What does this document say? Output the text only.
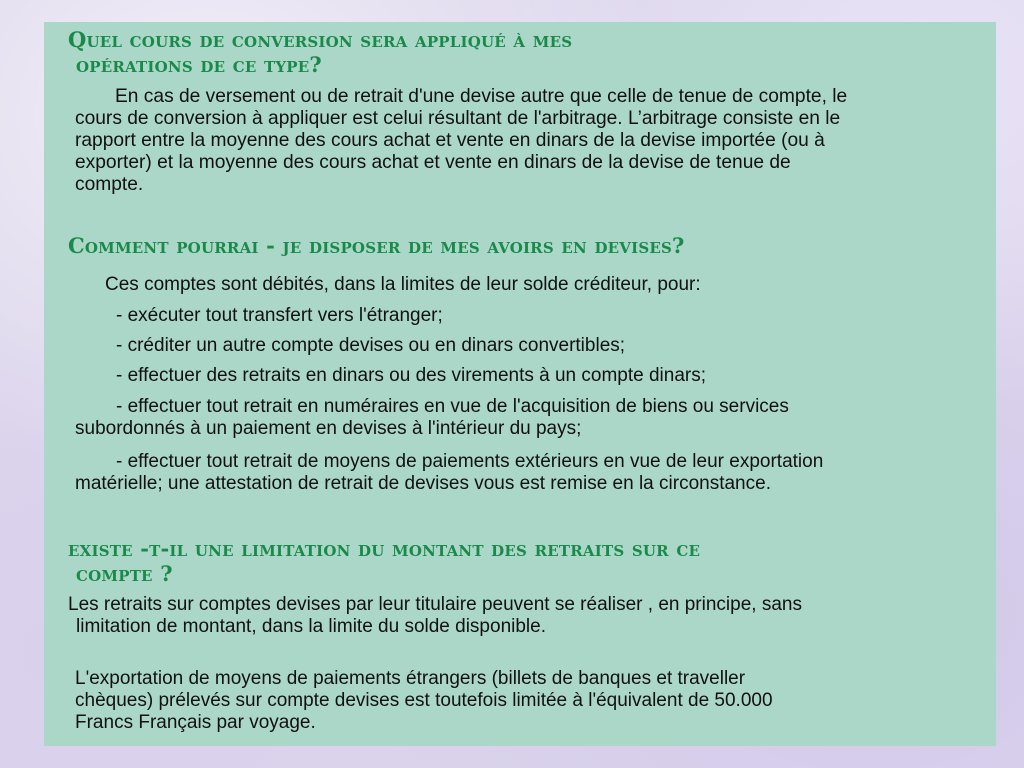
Quel cours de conversion sera appliqué à mes
opérations de ce type?
En cas de versement ou de retrait d'une devise autre que celle de tenue de compte, le
cours de conversion à appliquer est celui résultant de l'arbitrage. L’arbitrage consiste en le
rapport entre la moyenne des cours achat et vente en dinars de la devise importée (ou à
exporter) et la moyenne des cours achat et vente en dinars de la devise de tenue de
compte.
Comment pourrai - je disposer de mes avoirs en devises?
Ces comptes sont débités, dans la limites de leur solde créditeur, pour:
- exécuter tout transfert vers l'étranger;
- créditer un autre compte devises ou en dinars convertibles;
- effectuer des retraits en dinars ou des virements à un compte dinars;
- effectuer tout retrait en numéraires en vue de l'acquisition de biens ou services
subordonnés à un paiement en devises à l'intérieur du pays;
- effectuer tout retrait de moyens de paiements extérieurs en vue de leur exportation
matérielle; une attestation de retrait de devises vous est remise en la circonstance.
existe -t-il une limitation du montant des retraits sur ce
compte ?
Les retraits sur comptes devises par leur titulaire peuvent se réaliser , en principe, sans
limitation de montant, dans la limite du solde disponible.
L'exportation de moyens de paiements étrangers (billets de banques et traveller
chèques) prélevés sur compte devises est toutefois limitée à l'équivalent de 50.000
Francs Français par voyage.
